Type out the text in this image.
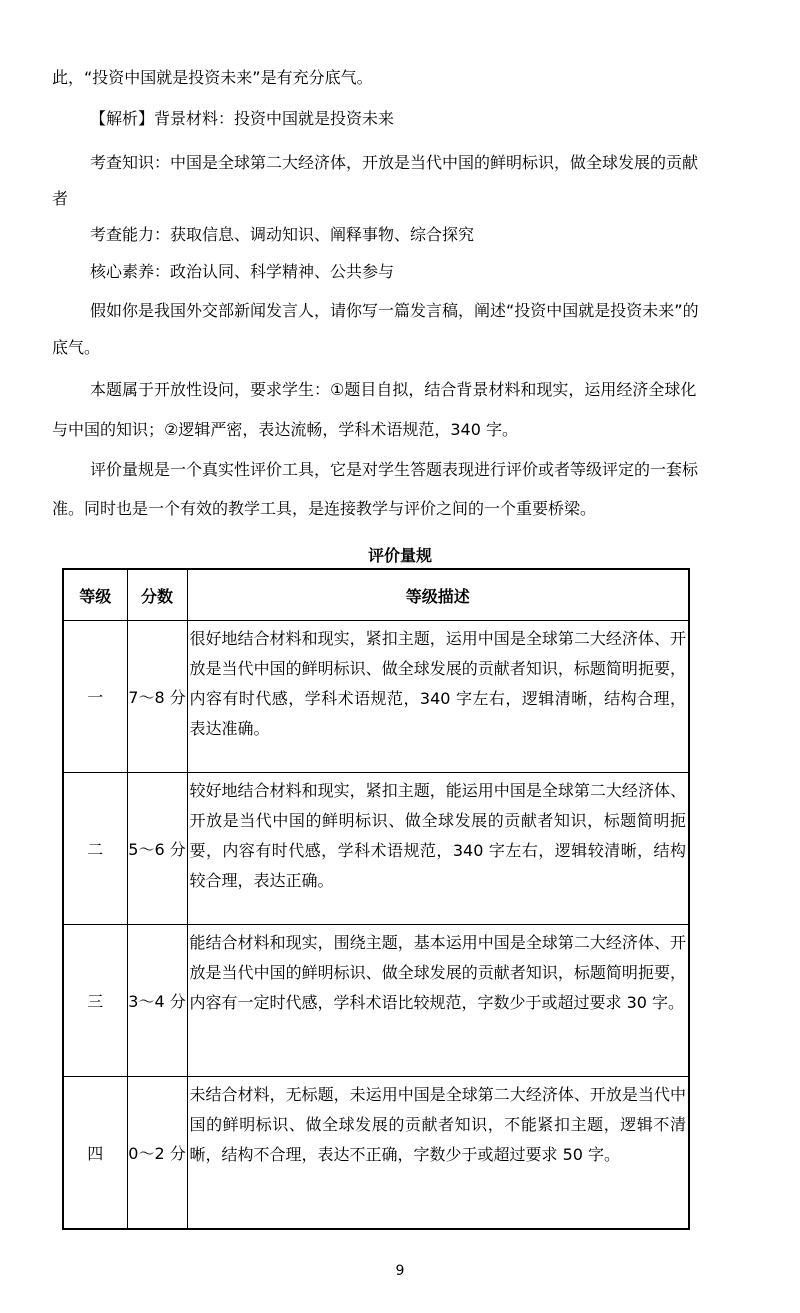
此，“投资中国就是投资未来”是有充分底气。
【解析】背景材料：投资中国就是投资未来
考查知识：中国是全球第二大经济体，开放是当代中国的鲜明标识，做全球发展的贡献
者
考查能力：获取信息、调动知识、阐释事物、综合探究
核心素养：政治认同、科学精神、公共参与
假如你是我国外交部新闻发言人，请你写一篇发言稿，阐述“投资中国就是投资未来”的
底气。
本题属于开放性设问，要求学生：①题目自拟，结合背景材料和现实，运用经济全球化
与中国的知识；②逻辑严密，表达流畅，学科术语规范，340 字。
评价量规是一个真实性评价工具，它是对学生答题表现进行评价或者等级评定的一套标
准。同时也是一个有效的教学工具，是连接教学与评价之间的一个重要桥梁。
评价量规
等级	分数	等级描述
一	7～8 分	很好地结合材料和现实，紧扣主题，运用中国是全球第二大经济体、开放是当代中国的鲜明标识、做全球发展的贡献者知识，标题简明扼要，内容有时代感，学科术语规范，340 字左右，逻辑清晰，结构合理，表达准确。
二	5～6 分	较好地结合材料和现实，紧扣主题，能运用中国是全球第二大经济体、开放是当代中国的鲜明标识、做全球发展的贡献者知识，标题简明扼要，内容有时代感，学科术语规范，340 字左右，逻辑较清晰，结构较合理，表达正确。
三	3～4 分	能结合材料和现实，围绕主题，基本运用中国是全球第二大经济体、开放是当代中国的鲜明标识、做全球发展的贡献者知识，标题简明扼要，内容有一定时代感，学科术语比较规范，字数少于或超过要求 30 字。
四	0～2 分	未结合材料，无标题，未运用中国是全球第二大经济体、开放是当代中国的鲜明标识、做全球发展的贡献者知识，不能紧扣主题，逻辑不清晰，结构不合理，表达不正确，字数少于或超过要求 50 字。
9
